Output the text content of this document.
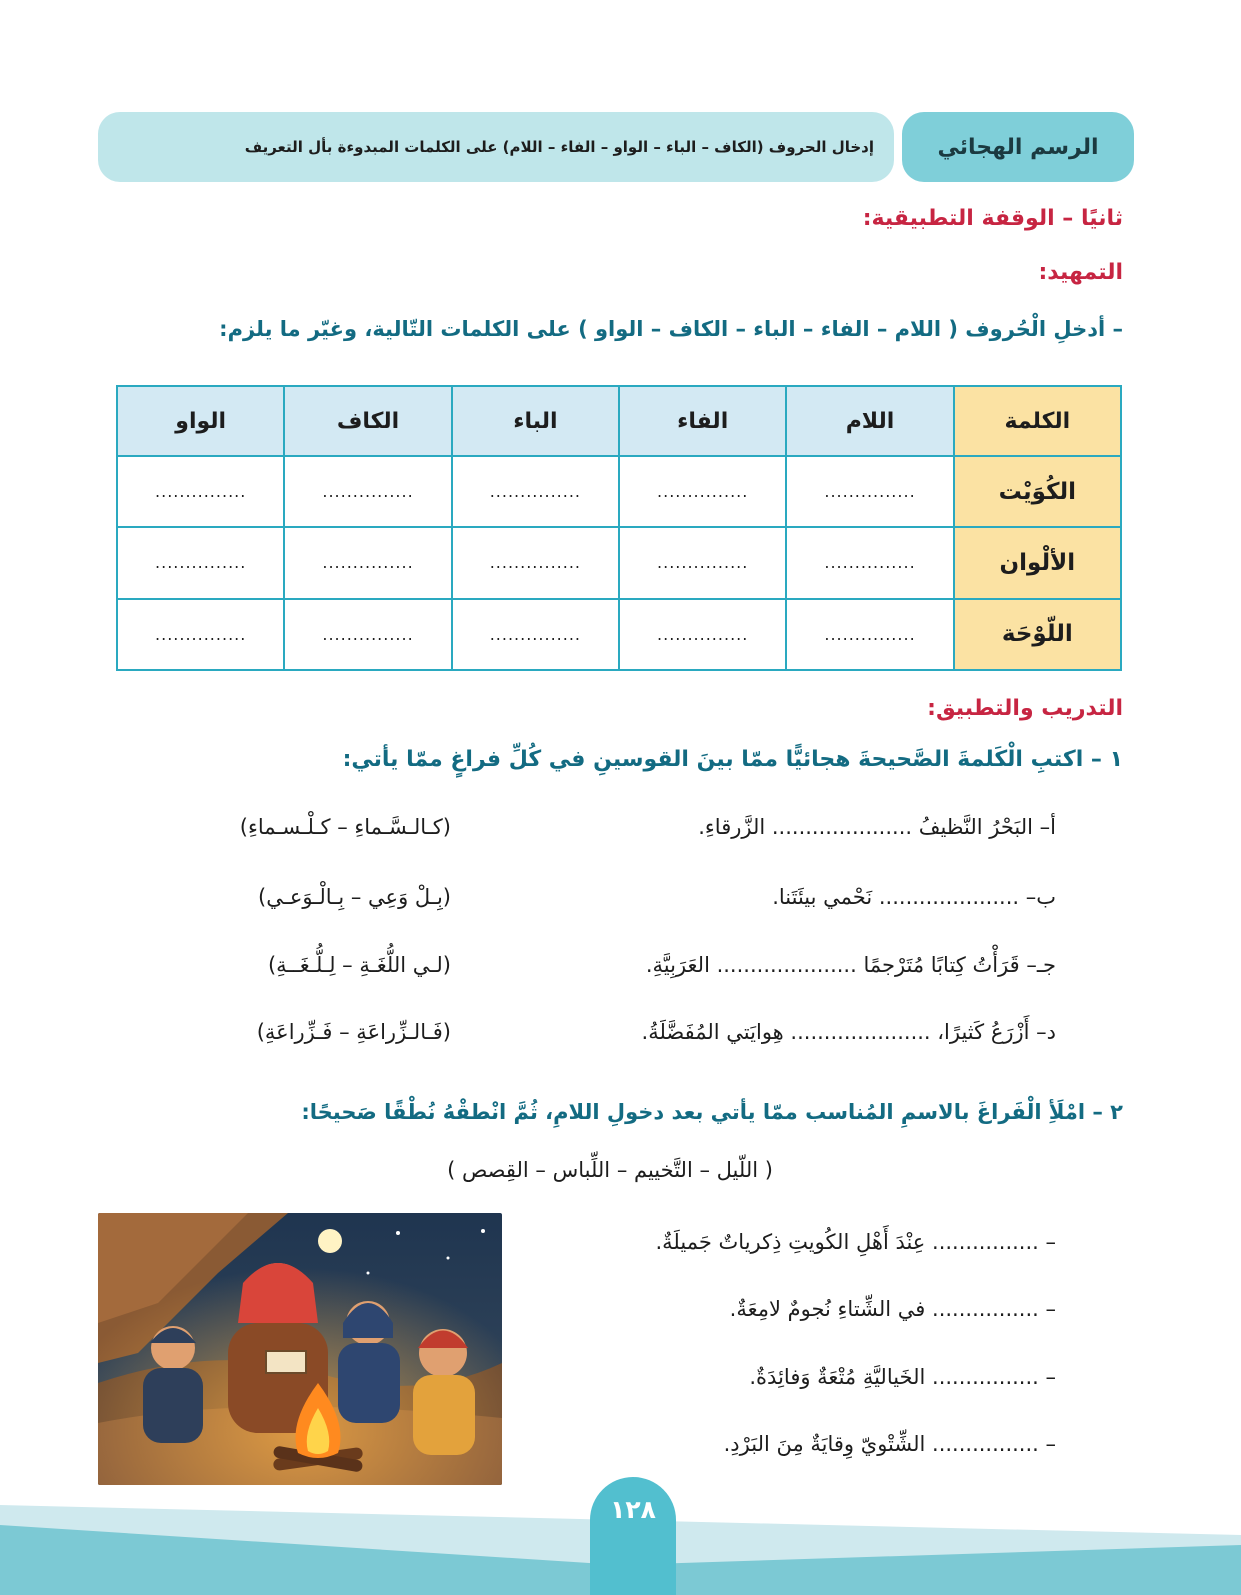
الرسم الهجائي
إدخال الحروف (الكاف – الباء – الواو – الفاء – اللام) على الكلمات المبدوءة بأل التعريف
ثانيًا – الوقفة التطبيقية:
التمهيد:
– أدخلِ الْحُروف ( اللام – الفاء – الباء – الكاف – الواو ) على الكلمات التّالية، وغيّر ما يلزم:
الكلمة	اللام	الفاء	الباء	الكاف	الواو
الكُوَيْت	...............	...............	...............	...............	...............
الألْوان	...............	...............	...............	...............	...............
اللّوْحَة	...............	...............	...............	...............	...............
التدريب والتطبيق:
١ – اكتبِ الْكَلمةَ الصَّحيحةَ هجائيًّا ممّا بينَ القوسينِ في كُلِّ فراغٍ ممّا يأتي:
أ– البَحْرُ النَّظيفُ ..................... الزَّرقاءِ.
(كـالـسَّـماءِ – كـلْـسـماءِ)
ب– ..................... نَحْمي بيئَتَنا.
(بِـلْ وَعِي – بِـالْـوَعـي)
جـ– قَرَأْتُ كِتابًا مُتَرْجمًا ..................... العَرَبِيَّةِ.
(لـي اللُّغَـةِ – لِـلُّـغَــةِ)
د– أَزْرَعُ كَثيرًا، ..................... هِوايَتي المُفَضَّلَةُ.
(فَـالـزِّراعَةِ – فَـزِّراعَةِ)
٢ – امْلَأِ الْفَراغَ بالاسمِ المُناسب ممّا يأتي بعد دخولِ اللامِ، ثُمَّ انْطقْهُ نُطْقًا صَحيحًا:
( اللّيل – التَّخييم – اللِّباس – القِصص )
– ................ عِنْدَ أَهْلِ الكُويتِ ذِكرياتٌ جَميلَةٌ.
– ................ في الشِّتاءِ نُجومٌ لامِعَةٌ.
– ................ الخَياليَّةِ مُتْعَةٌ وَفائِدَةٌ.
– ................ الشِّتْويّ وِقايَةٌ مِنَ البَرْدِ.
١٢٨
